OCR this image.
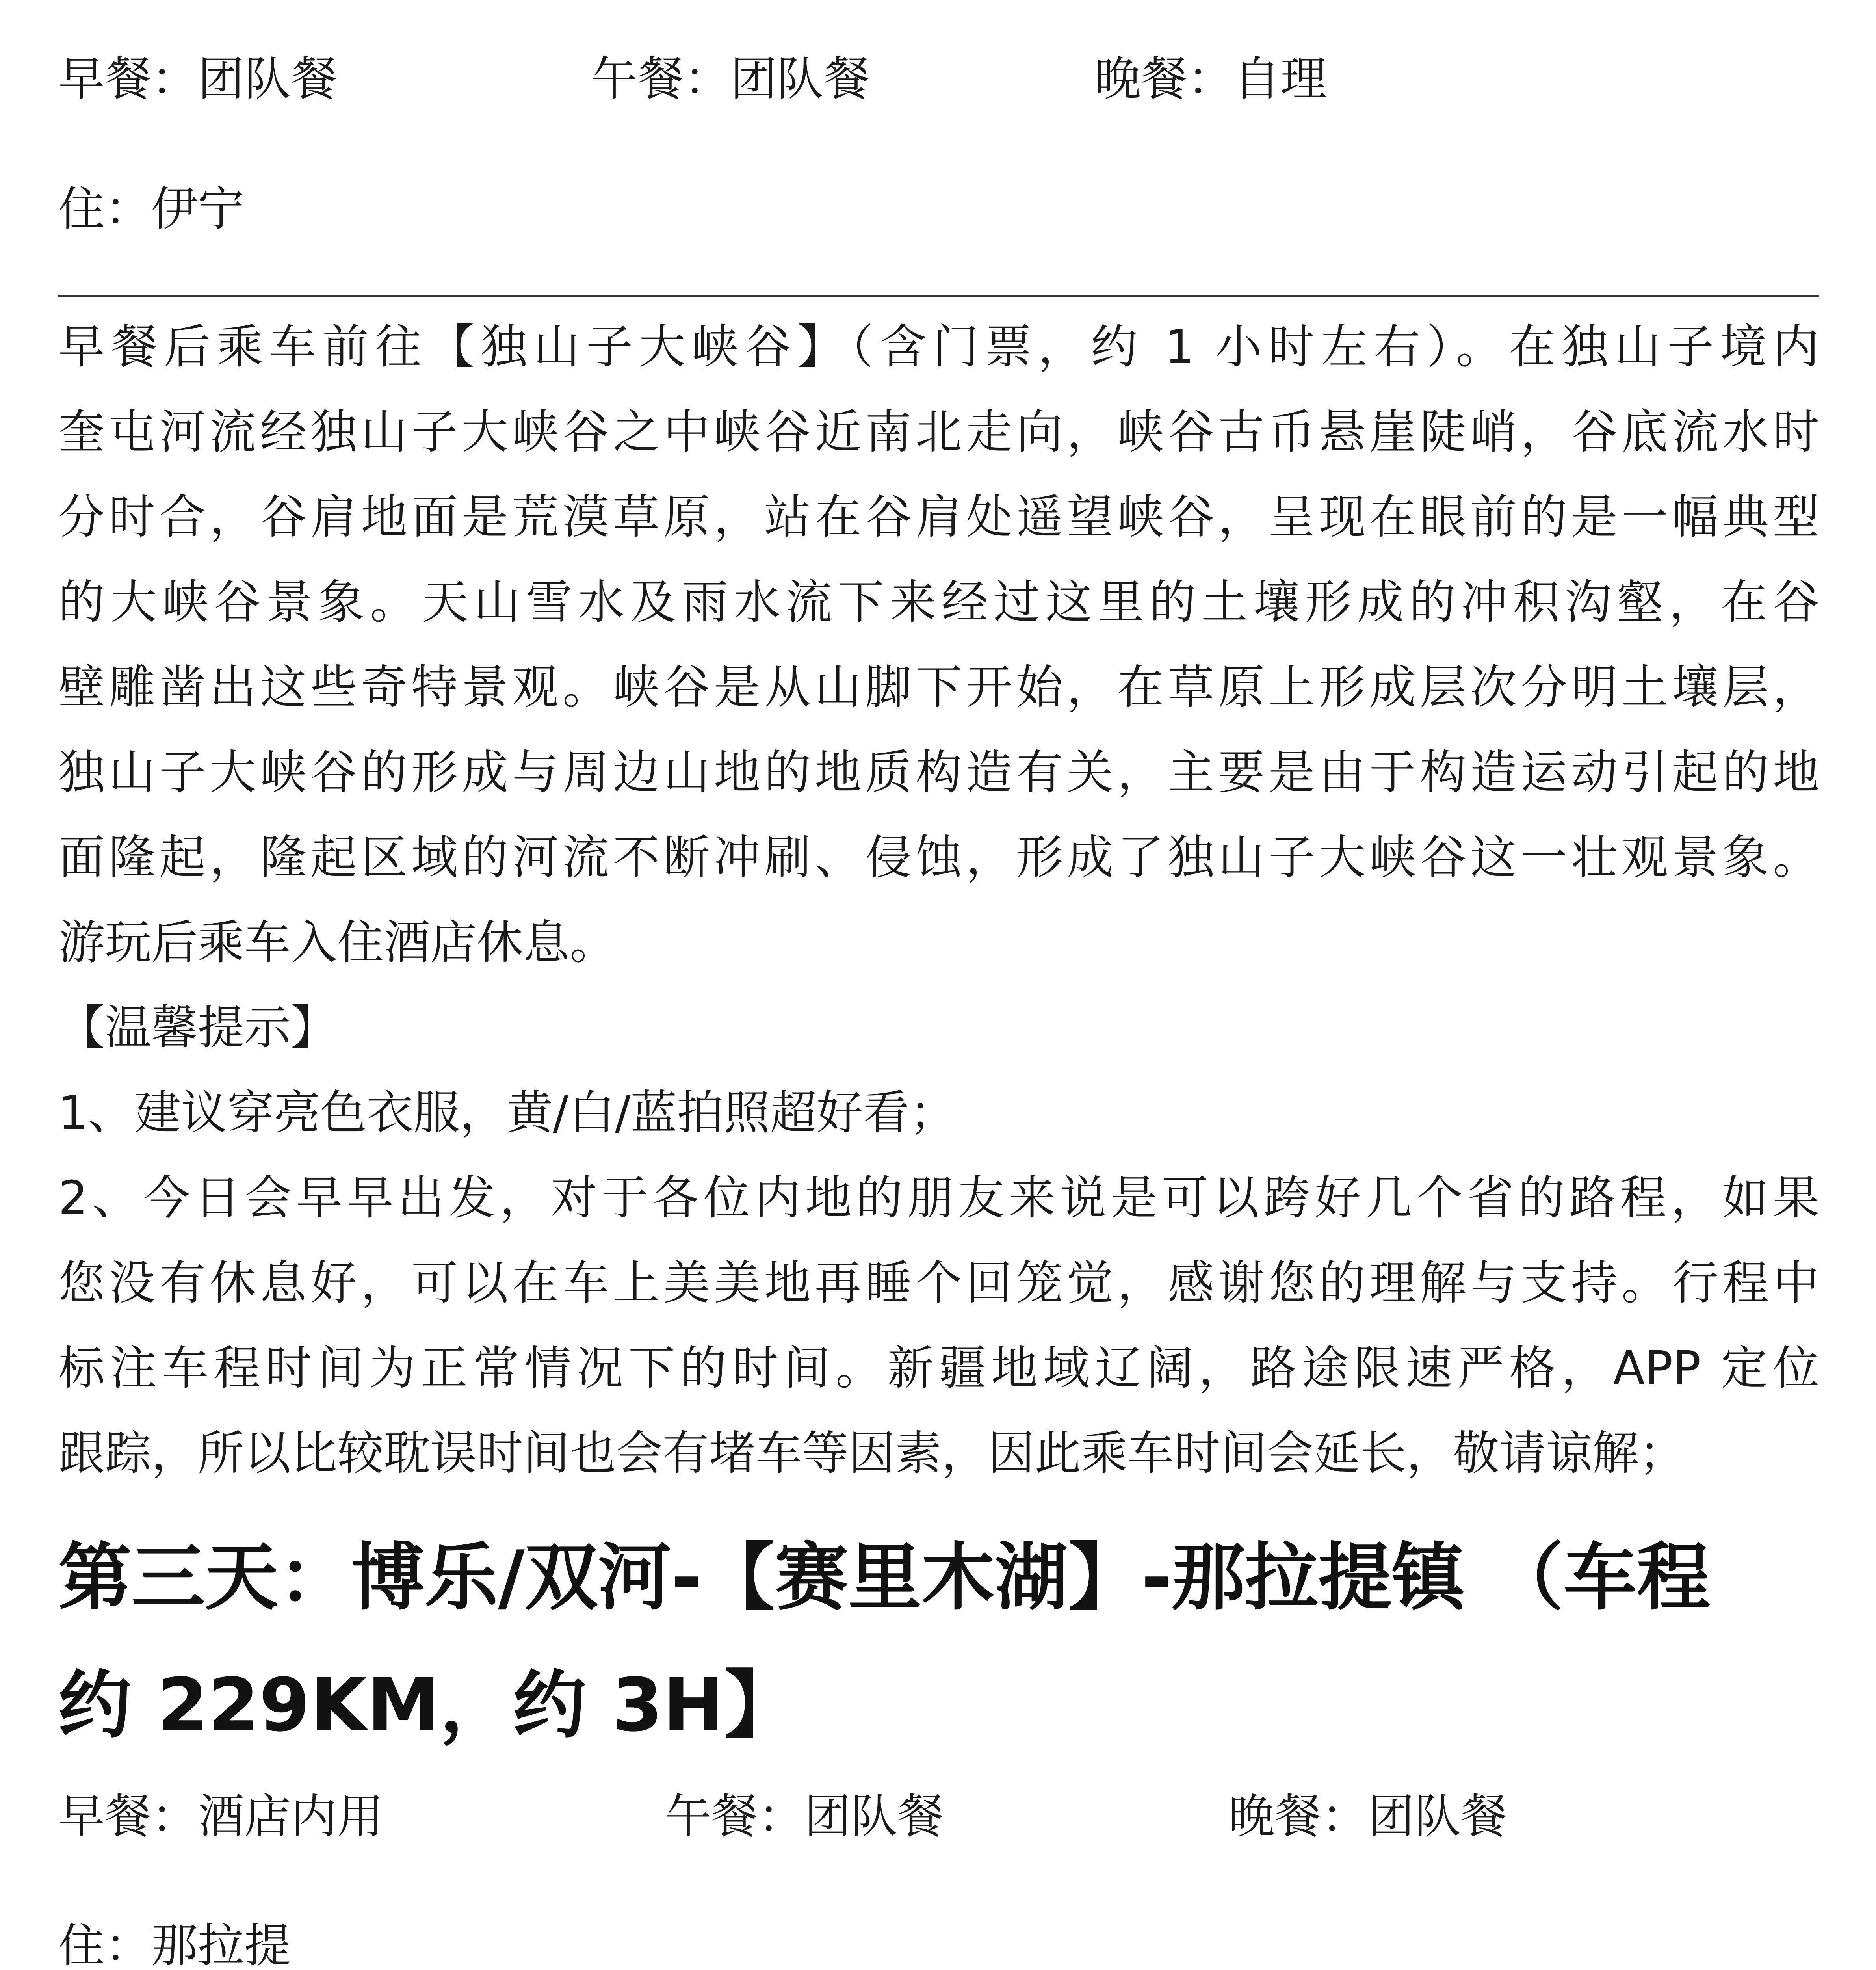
早餐：团队餐	午餐：团队餐	晚餐：自理
住：伊宁
早餐后乘车前往【独山子大峡谷】（含门票，约 1 小时左右）。在独山子境内
奎屯河流经独山子大峡谷之中峡谷近南北走向，峡谷古币悬崖陡峭，谷底流水时
分时合，谷肩地面是荒漠草原，站在谷肩处遥望峡谷，呈现在眼前的是一幅典型
的大峡谷景象。天山雪水及雨水流下来经过这里的土壤形成的冲积沟壑，在谷
壁雕凿出这些奇特景观。峡谷是从山脚下开始，在草原上形成层次分明土壤层，
独山子大峡谷的形成与周边山地的地质构造有关，主要是由于构造运动引起的地
面隆起，隆起区域的河流不断冲刷、侵蚀，形成了独山子大峡谷这一壮观景象。
游玩后乘车入住酒店休息。
【温馨提示】
1、建议穿亮色衣服，黄/白/蓝拍照超好看；
2、今日会早早出发，对于各位内地的朋友来说是可以跨好几个省的路程，如果
您没有休息好，可以在车上美美地再睡个回笼觉，感谢您的理解与支持。行程中
标注车程时间为正常情况下的时间。新疆地域辽阔，路途限速严格，APP 定位
跟踪，所以比较耽误时间也会有堵车等因素，因此乘车时间会延长，敬请谅解；
第三天：博乐/双河-【赛里木湖】-那拉提镇 （车程
约 229KM，约 3H】
早餐：酒店内用	午餐：团队餐	晚餐：团队餐
住：那拉提
